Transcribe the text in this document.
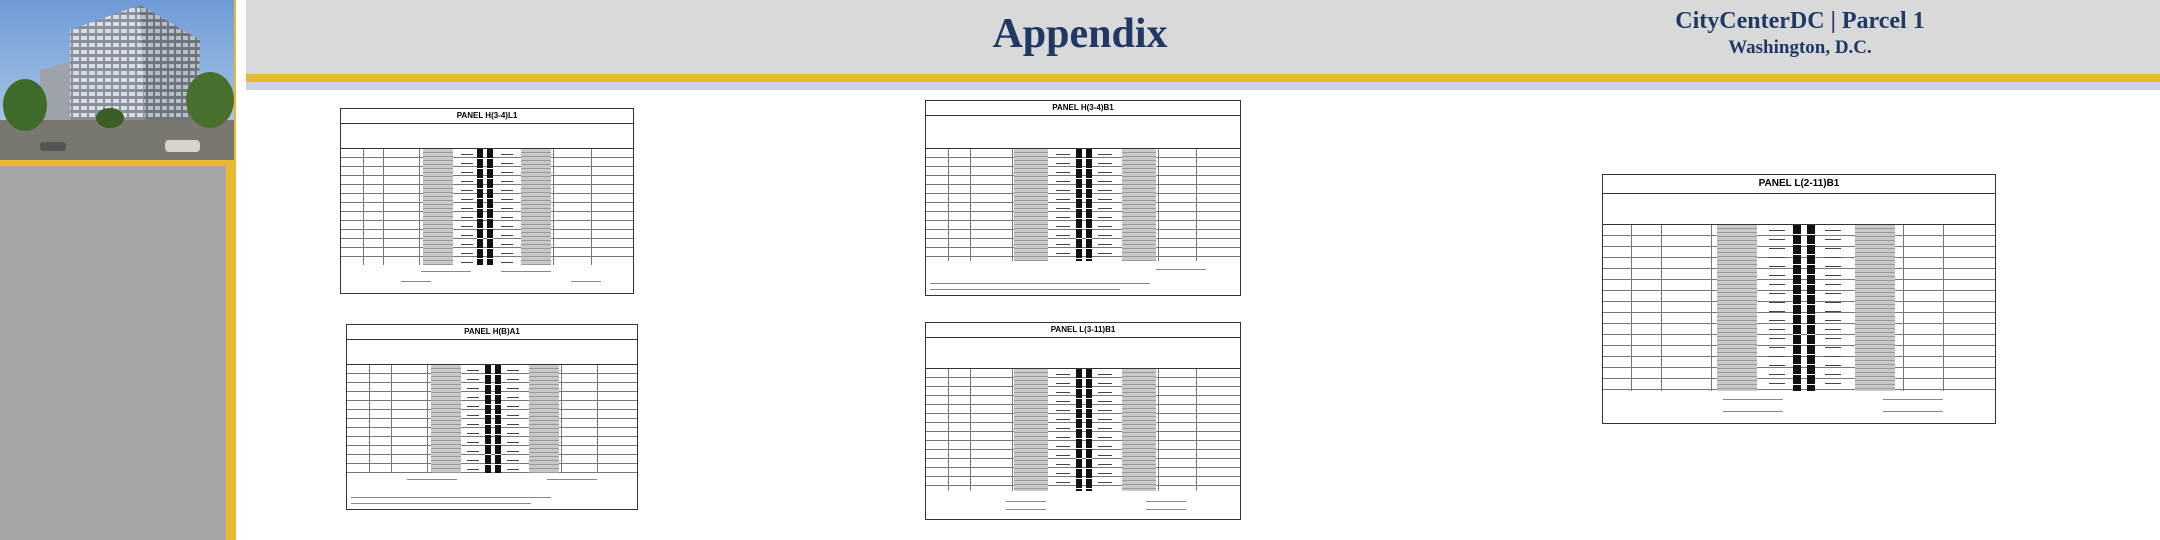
Appendix	CityCenterDC | Parcel 1
Washington, D.C.
PANEL H(3-4)L1
PANEL H(3-4)B1
PANEL H(B)A1	PANEL L(3-11)B1
PANEL L(2-11)B1
